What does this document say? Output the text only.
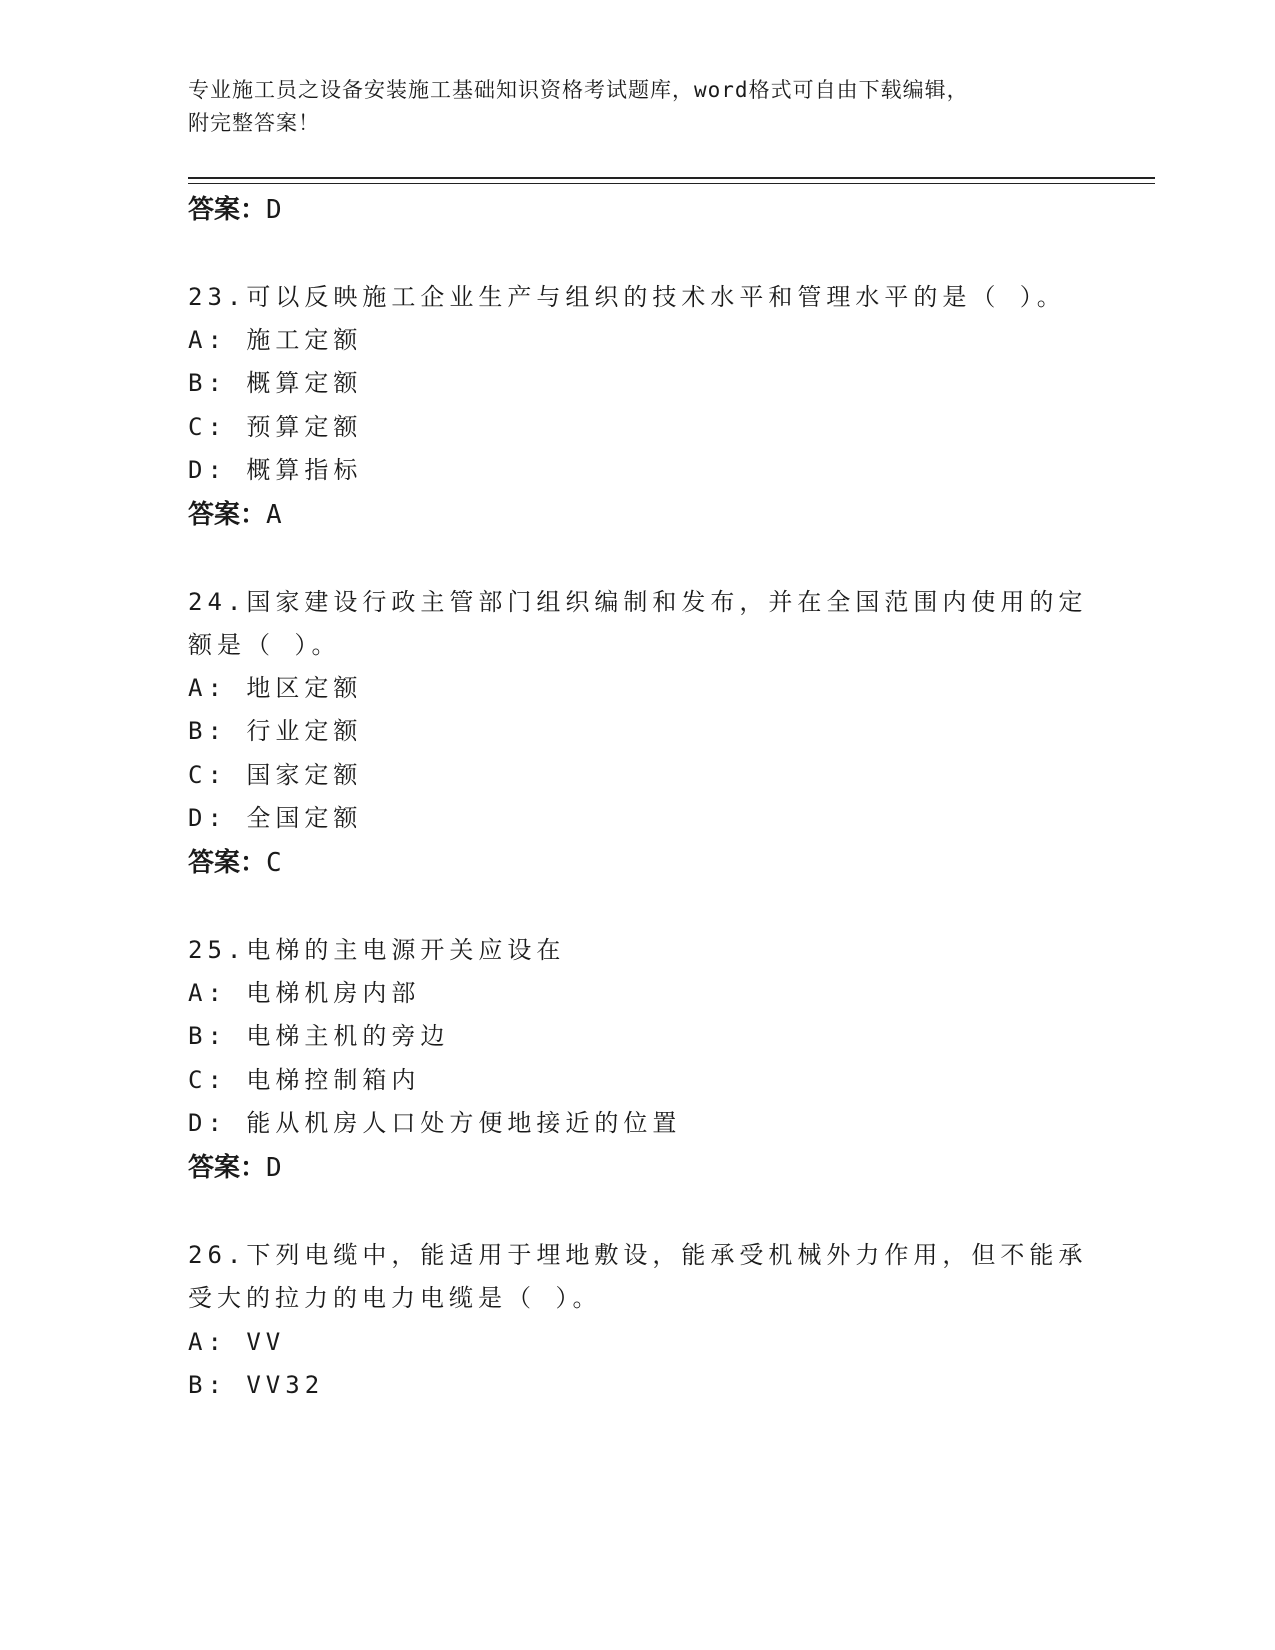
专业施工员之设备安装施工基础知识资格考试题库，word格式可自由下载编辑，
附完整答案！
答案：D
23.可以反映施工企业生产与组织的技术水平和管理水平的是（ ）。
A: 施工定额
B: 概算定额
C: 预算定额
D: 概算指标
答案：A
24.国家建设行政主管部门组织编制和发布，并在全国范围内使用的定
额是（ ）。
A: 地区定额
B: 行业定额
C: 国家定额
D: 全国定额
答案：C
25.电梯的主电源开关应设在
A: 电梯机房内部
B: 电梯主机的旁边
C: 电梯控制箱内
D: 能从机房人口处方便地接近的位置
答案：D
26.下列电缆中，能适用于埋地敷设，能承受机械外力作用，但不能承
受大的拉力的电力电缆是（ ）。
A: VV
B: VV32
